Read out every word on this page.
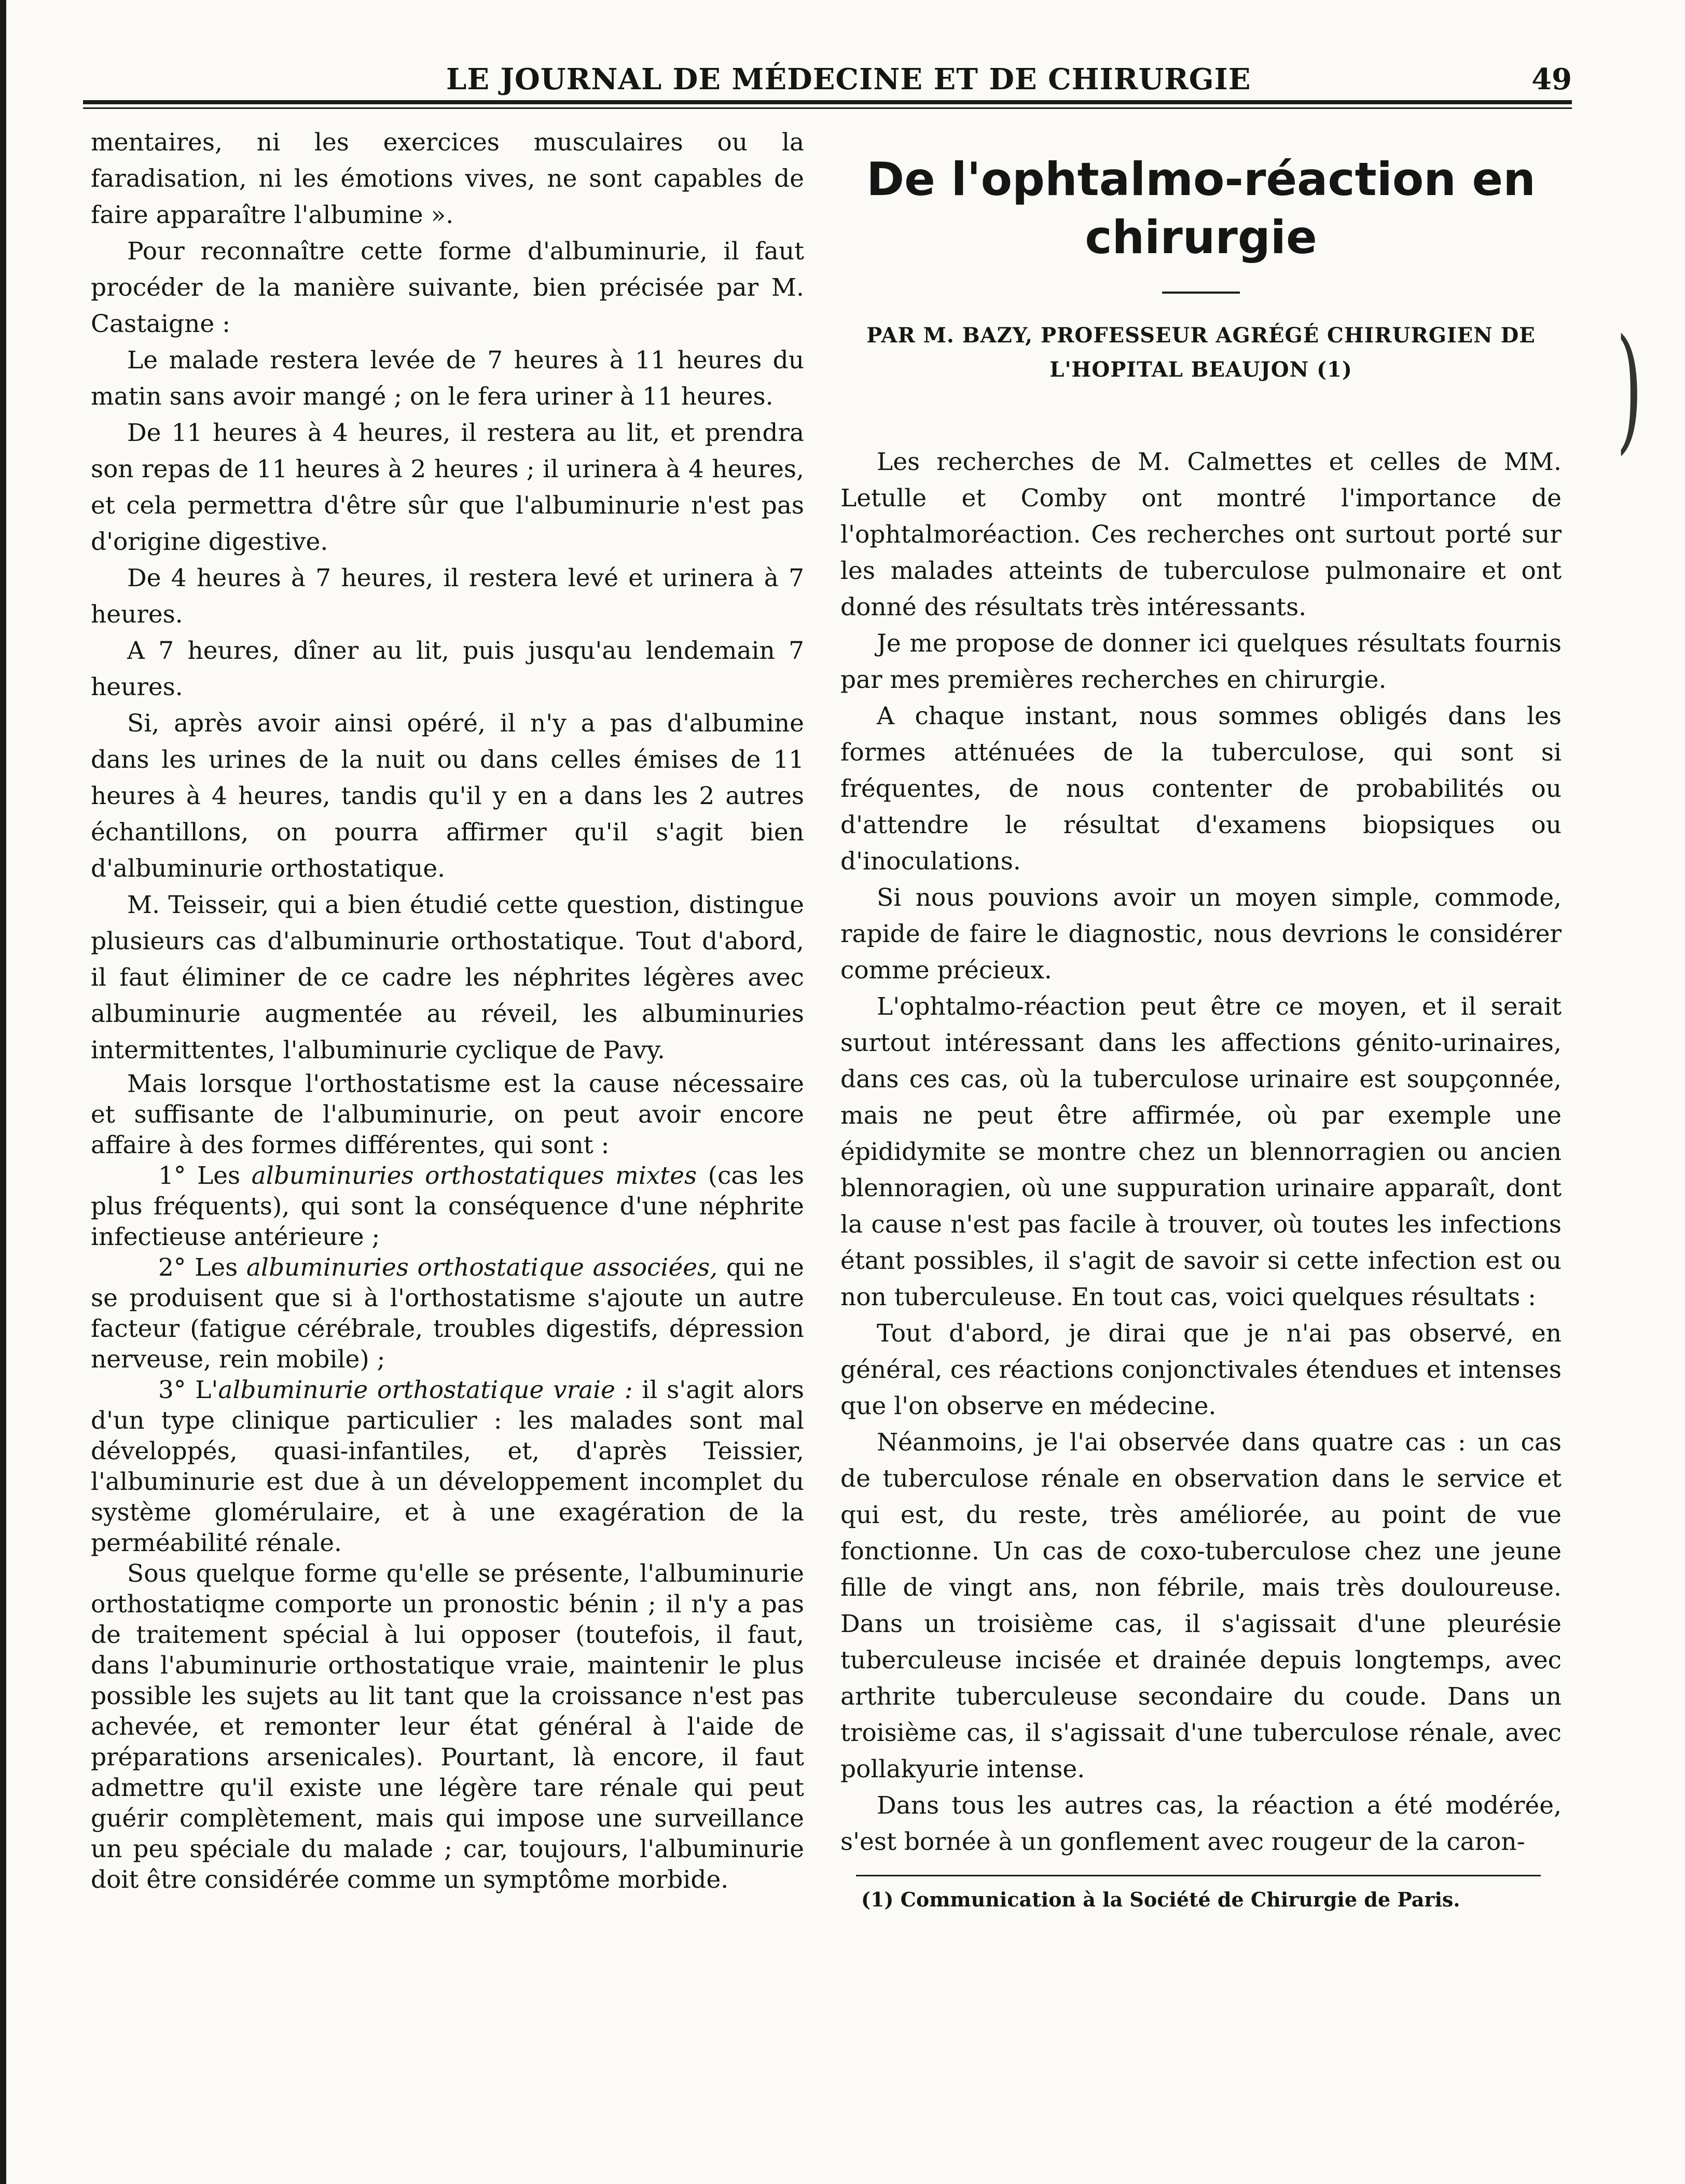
LE JOURNAL DE MÉDECINE ET DE CHIRURGIE	49

mentaires, ni les exercices musculaires ou la faradisation, ni les émotions vives, ne sont capables de faire apparaître l'albumine ».

Pour reconnaître cette forme d'albuminurie, il faut procéder de la manière suivante, bien précisée par M. Castaigne :

Le malade restera levée de 7 heures à 11 heures du matin sans avoir mangé ; on le fera uriner à 11 heures.

De 11 heures à 4 heures, il restera au lit, et prendra son repas de 11 heures à 2 heures ; il urinera à 4 heures, et cela permettra d'être sûr que l'albuminurie n'est pas d'origine digestive.

De 4 heures à 7 heures, il restera levé et urinera à 7 heures.

A 7 heures, dîner au lit, puis jusqu'au lendemain 7 heures.

Si, après avoir ainsi opéré, il n'y a pas d'albumine dans les urines de la nuit ou dans celles émises de 11 heures à 4 heures, tandis qu'il y en a dans les 2 autres échantillons, on pourra affirmer qu'il s'agit bien d'albuminurie orthostatique.

M. Teisseir, qui a bien étudié cette question, distingue plusieurs cas d'albuminurie orthostatique. Tout d'abord, il faut éliminer de ce cadre les néphrites légères avec albuminurie augmentée au réveil, les albuminuries intermittentes, l'albuminurie cyclique de Pavy.

Mais lorsque l'orthostatisme est la cause nécessaire et suffisante de l'albuminurie, on peut avoir encore affaire à des formes différentes, qui sont :

1° Les albuminuries orthostatiques mixtes (cas les plus fréquents), qui sont la conséquence d'une néphrite infectieuse antérieure ;

2° Les albuminuries orthostatique associées, qui ne se produisent que si à l'orthostatisme s'ajoute un autre facteur (fatigue cérébrale, troubles digestifs, dépression nerveuse, rein mobile) ;

3° L'albuminurie orthostatique vraie : il s'agit alors d'un type clinique particulier : les malades sont mal développés, quasi-infantiles, et, d'après Teissier, l'albuminurie est due à un développement incomplet du système glomérulaire, et à une exagération de la perméabilité rénale.

Sous quelque forme qu'elle se présente, l'albuminurie orthostatiqme comporte un pronostic bénin ; il n'y a pas de traitement spécial à lui opposer (toutefois, il faut, dans l'abuminurie orthostatique vraie, maintenir le plus possible les sujets au lit tant que la croissance n'est pas achevée, et remonter leur état général à l'aide de préparations arsenicales). Pourtant, là encore, il faut admettre qu'il existe une légère tare rénale qui peut guérir complètement, mais qui impose une surveillance un peu spéciale du malade ; car, toujours, l'albuminurie doit être considérée comme un symptôme morbide.

De l'ophtalmo-réaction en chirurgie

PAR M. BAZY, PROFESSEUR AGRÉGÉ CHIRURGIEN DE L'HOPITAL BEAUJON (1)

Les recherches de M. Calmettes et celles de MM. Letulle et Comby ont montré l'importance de l'ophtalmoréaction. Ces recherches ont surtout porté sur les malades atteints de tuberculose pulmonaire et ont donné des résultats très intéressants.

Je me propose de donner ici quelques résultats fournis par mes premières recherches en chirurgie.

A chaque instant, nous sommes obligés dans les formes atténuées de la tuberculose, qui sont si fréquentes, de nous contenter de probabilités ou d'attendre le résultat d'examens biopsiques ou d'inoculations.

Si nous pouvions avoir un moyen simple, commode, rapide de faire le diagnostic, nous devrions le considérer comme précieux.

L'ophtalmo-réaction peut être ce moyen, et il serait surtout intéressant dans les affections génito-urinaires, dans ces cas, où la tuberculose urinaire est soupçonnée, mais ne peut être affirmée, où par exemple une épididymite se montre chez un blennorragien ou ancien blennoragien, où une suppuration urinaire apparaît, dont la cause n'est pas facile à trouver, où toutes les infections étant possibles, il s'agit de savoir si cette infection est ou non tuberculeuse. En tout cas, voici quelques résultats :

Tout d'abord, je dirai que je n'ai pas observé, en général, ces réactions conjonctivales étendues et intenses que l'on observe en médecine.

Néanmoins, je l'ai observée dans quatre cas : un cas de tuberculose rénale en observation dans le service et qui est, du reste, très améliorée, au point de vue fonctionne. Un cas de coxo-tuberculose chez une jeune fille de vingt ans, non fébrile, mais très douloureuse. Dans un troisième cas, il s'agissait d'une pleurésie tuberculeuse incisée et drainée depuis longtemps, avec arthrite tuberculeuse secondaire du coude. Dans un troisième cas, il s'agissait d'une tuberculose rénale, avec pollakyurie intense.

Dans tous les autres cas, la réaction a été modérée, s'est bornée à un gonflement avec rougeur de la caron-

(1) Communication à la Société de Chirurgie de Paris.

)
